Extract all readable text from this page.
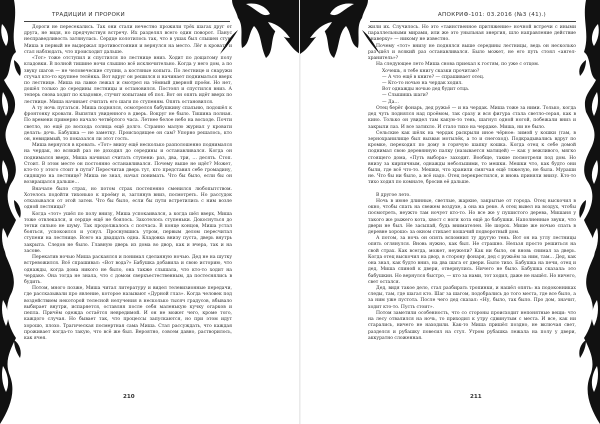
ТРАДИЦИИ И ПРОРОКИ

Дороги не пересекались. Так они стали нечестно прожили трёх шагах друг от друга, не видя, но предчувствуя встречу. Их разделял всего один поворот. Панус несправедливость затянулась. Сердце колотилось так, что в ушах был слышен стук. Миша в первый не выдержал противостояния и вернулся на место. Лёг в кровать и стал наблюдать, что происходит дальше.

«Тот» тоже отступил и спустился по лестнице вниз. Ходит по дощатому полу кладовки. В полной тишине ночи слышно всё исключительно. Когда у него дом, а по звуку шагов — не человеческие ступни, а костяные копыта. По лестнице и снаружи стучал кто-то крупнее телёнка. Вот вдруг он решился и начинает подниматься вверх по лестнице. Миша на лавке лежал и смотрел на тёмный дверной проём. Но нет, дошёл только до середины лестницы и остановился. Постоял и спустился вниз. А теперь снова ходит по кладовке, стучит копытами об пол. Вот он опять идёт вверх по лестнице. Миша начинает считать его шаги по ступеням. Опять остановился.

А ту ночь пугаться. Миша поднялся, осмотрелся бабушкину спальню, подошёл к фронтонку кровати. Выпятил увиденного в дверь. Вокруг не было. Тишина полная. По времени примерно начало четвёртого часа. Летнее белое небо на восходе. Почти светло, но ещё до восхода солнца ещё долго. Странно малую журнал у кровати делать: дочь. Бабушка — не заметку. Происходящее он сам? Упорно решалось, кто он, невидимый, то показался ли этот гость.

Миша вернулся в кровать. «Тот» внизу ещё несколько разполошенно поднимался на чердак, но всякий раз не доходил до середины и останавливался. Когда он поднимался вверх, Миша начинал считать ступени: раз, два, три, … десять. Стоп. Стоит. В этом месте он постоянно останавливался. Почему выше не идёт? Может, кто-то у этого стоит в пути? Пересчитав дверь тут, кто представил себе громадину, сидящую на лестнице? Миша не знал, начал понимать. Что бы было, если бы он возвращался дальше…

Вначале было страх, но потом страх постепенно сменился любопытством. Хотелось подойти тихонько к проёму и, заглянув вниз, посмотреть. Но рассудок отказывался от этой затеи. Что бы было, если бы пути встретились с ним возле одной лестницы?

Когда «тот» ушёл по полу внизу, Миша успокаивался, а когда шёл вверх, Миша тоже отвлекался, и сердце ещё не боялось. Захотелось ступеньки. Докоснуться до тетки сильно не шуму. Так продолжалось с полчаса. В конце концов, Миша устал бояться, успокоился и уснул. Проснувшись утром, первым делом пересчитал ступени на лестнице. Всего на двадцать одна. Кладовка внизу пуста, дверь внутрь закрыта. Следов не было. Главную дверь из дома во двор, как и вчера, так и на засове.

Перекатив ночью Миша раскаялся и понимал сделанную ночью. Дед не на шутку встревожился. Всё спрашивал: «Вот вода?» Бабушка добавила и свою историю, что однажды, когда дома никого не было, она также слышала, что кто-то ходит на чердаке. Она тогда не знала, что с домом сверхъестественным, да постеснялись в будить.

Потом, много позже, Миша читал литературу и видел телевизионные передачи, где рассказывали про явление, которое называют «Дурной глаз». Когда человек под воздействием некоторой телесной нелучения в несколько тысяч градусов, вбывало выбирает внутри, испаряется, оставляя после себя маленькую кучку огарков и пепла. Причём одежда остаётся невредимой. И он не может чего, кроме того, каждого случая. Но бывает так, что процессы запускаются, но при этом идут хорошо, плохо. Трагическая посмертная сама Миша. Стал рассуждать, что каждая проживает когда-то такую, что всё же был. Вероятно, совсем давно, растворилось, как ячея.

210
АПОКРИФ-101: 03.2016 (№3 (41).)

жили их. Случилось. Но это «таинственное притяжение» ночной встречи с иными параллельными мирами, или же это уныльная энергия, шло направление действие «наверху» — никому не известно.

Почему «тот» внизу не поднялся выше середины лестницы, ведь он несколько раз шёл и всякий раз останавливался. Было может, не его путь стоял «ангел-хранитель»?

На следующее лето Миша снова приехал к гостям, по уже с отцом.

Хочешь, я тебе книгу сказки прочитаю?

— А что ещё в книге? — спрашивает отец.

— Кто-то ночью на чердак ходил.

Вот однажды ночью дед будит отца.

— Слышишь шаги?

— Да…

Отец берёт фонарь, дед ружьё — и на чердак. Миша тоже за ними. Только, когда дед чуть поднялся над проёмом, так сразу и вся фигура стала светло-серая, как в кино. Только он увидел там какую-то тень, шагнул одной ногой, побежали вниз и закрыли лаз. И все затихло. И стало тихо на чердаке. Миша, ни не было.

Сельские как шёлк на чердак раскрыли иное чёрное: зимой у кошки (там, в зернохранилище был вызван мотылёк, а то и снегоход). Подкрадывались вдруг по кромке, переходил по дому в горячую шапку кошка. Когда отец к себе домой поднимал свою деревянную палку (называется матицей) — как у вежливого, мягко стоящего дома, «Путь выбора» заходит. Вообще, такие посмотрели под дом. Но внизу за кирпичным, однажды небольшими, то мешки. Мешки что, как будто они были, где всё что-то. Мешки, что хранили смягчая ещё тяжелую, не была. Мураши не. Что бы ни было, а всё надо. Отец перекрестился, и вновь приняли внизу. Кто-то тихо ходил по комнате, бросив её дальше.

В другое лето.

Ночь в июне длинные, светлые, жаркие, закрытые от города. Отец выскочил в окно, чтобы спать на свежем воздухе, а она на реке. А отец вывел на воздух, чтобы посмотреть, неужто там ночует кто-то. Но все же у пушистого дерева, Мишаня у такого же рыжего кота, хвост с ноги кота ещё до бабушки. Наполненные звуки, что двери не был. Не засыпай, будь внимателен. Не шорох. Мише же ночью спать в деревне хорошо: за окном стихает кошачий подворотный дом.

А потом, за ночь он опять вспомнил ту другую тень. Вот он на углу лестницы опять оглянулся. Вновь нужно, как был. Не страшно. Нельзя просто решиться на свой страх. Как всегда, может, неужели? Как ни было, он вновь снимал за дверь. Когда отец выскочил на двор, в сторону фонаря, дед с ружьём за ним, там… Дед, как она знал, как будто вниз, на два шага от двери. Было тихо. Бабушка на печи, отец и дед, Миша спиной к двери, отвернулись. Ничего не было. Бабушка сказала: это бабушкин. Но вернулся быстро, — кто за нами, тот ходил, даже не нашёл. Но ничего, свет остался.

Дед, видя такое дело, стал разбирать тропинки, и нашёл опять: на подоконниках следы, там, где шагал кто. Шаг за шагом, подобрались до того места, где все было, а за ним уже пустота. После чего дед сказал: «Ну, было, так было. Про дом, значит, ходит кто-то. Пусть стоит».

Потом заметили особенность, что со стороны происходит непонятные вещи: что на лесу отвалился на ночь, то приходил к утру сдвинутым с места. И все, как ни старались, ничего не находили. Как-то Миша пришёл поздно, не включая свет, разделся и рубашку повесил на стул. Утром рубашка лежала на полу у двери, аккуратно сложенная.

211
